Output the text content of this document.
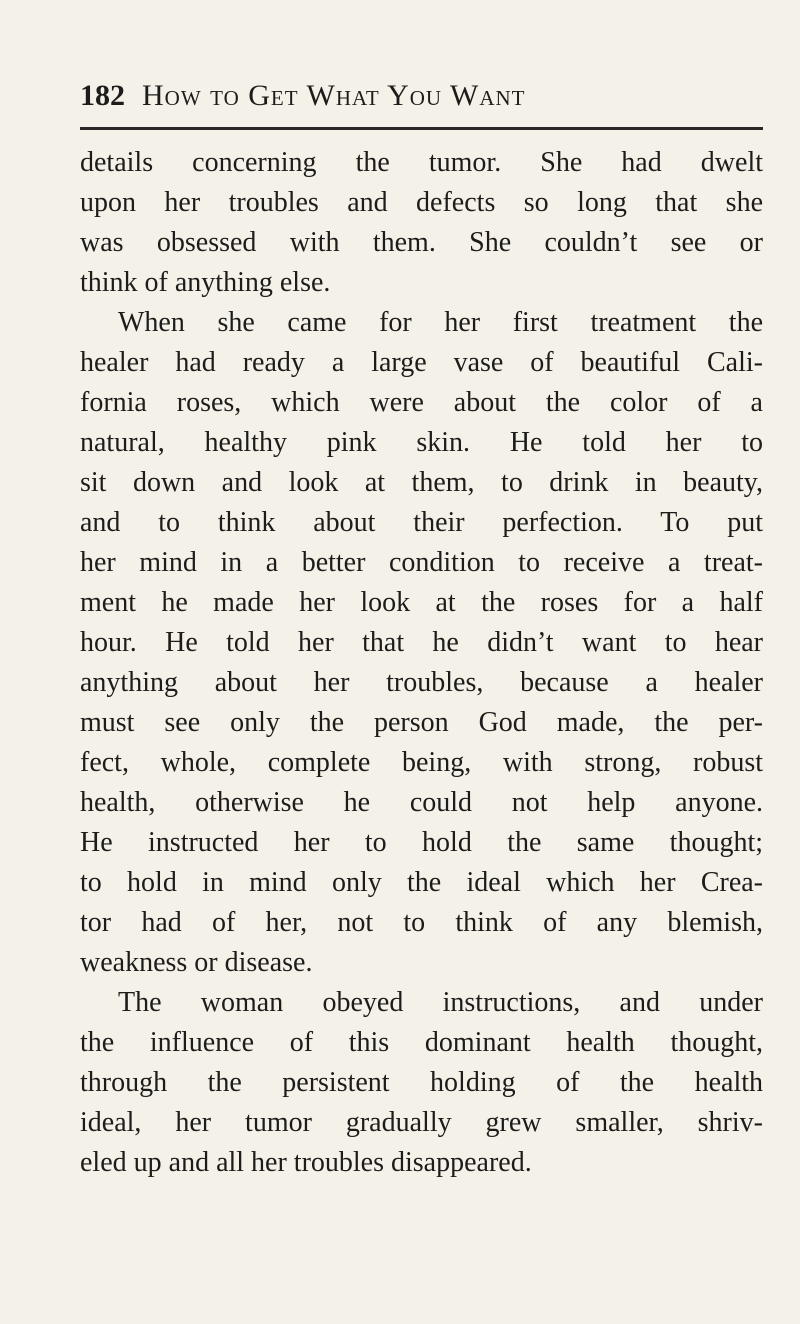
182 How to Get What You Want
details concerning the tumor. She had dwelt
upon her troubles and defects so long that she
was obsessed with them. She couldn’t see or
think of anything else.
When she came for her first treatment the
healer had ready a large vase of beautiful Cali-
fornia roses, which were about the color of a
natural, healthy pink skin. He told her to
sit down and look at them, to drink in beauty,
and to think about their perfection. To put
her mind in a better condition to receive a treat-
ment he made her look at the roses for a half
hour. He told her that he didn’t want to hear
anything about her troubles, because a healer
must see only the person God made, the per-
fect, whole, complete being, with strong, robust
health, otherwise he could not help anyone.
He instructed her to hold the same thought;
to hold in mind only the ideal which her Crea-
tor had of her, not to think of any blemish,
weakness or disease.
The woman obeyed instructions, and under
the influence of this dominant health thought,
through the persistent holding of the health
ideal, her tumor gradually grew smaller, shriv-
eled up and all her troubles disappeared.
